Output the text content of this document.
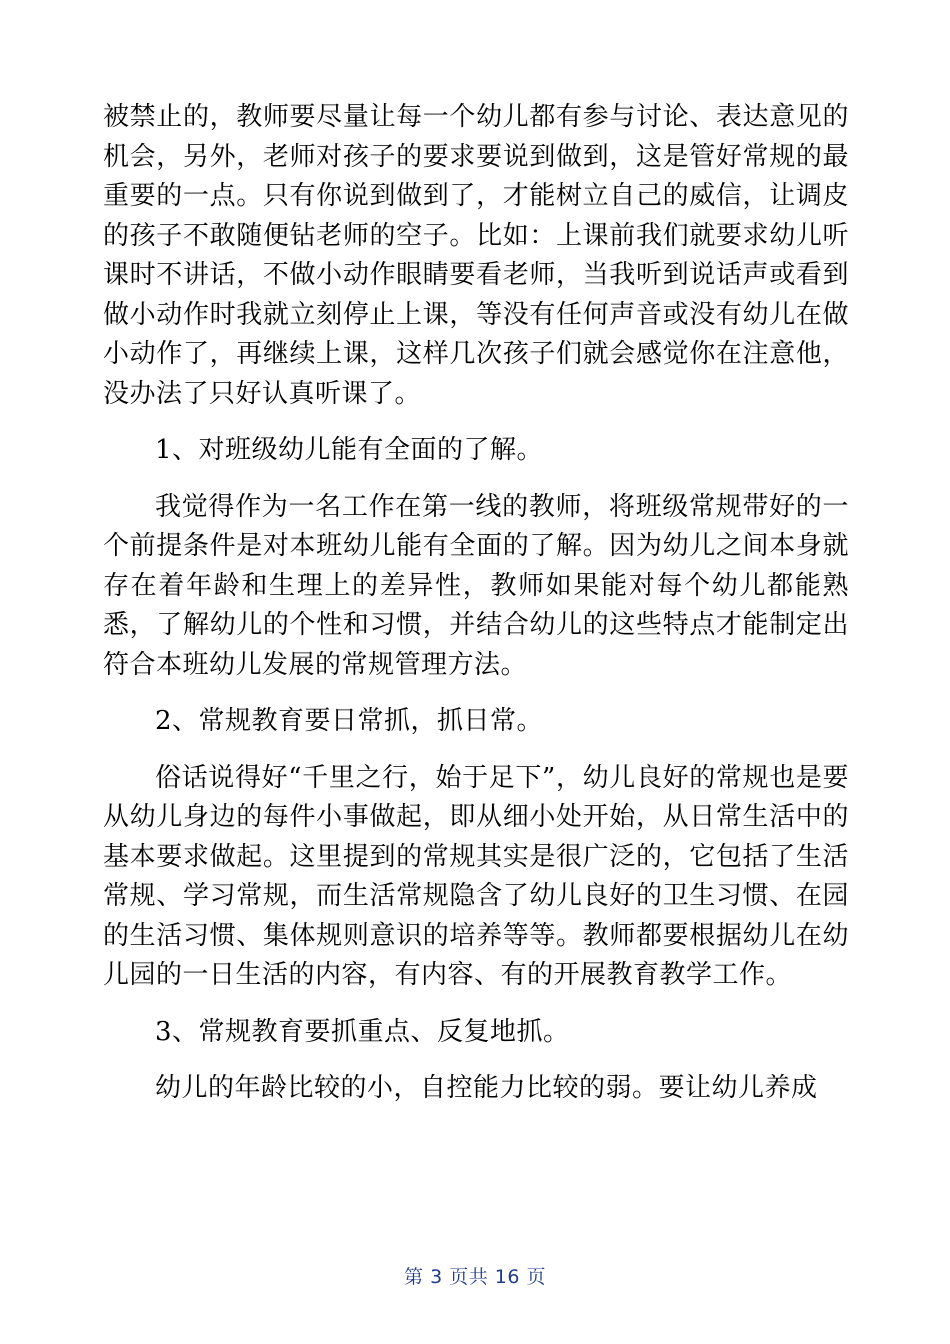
被禁止的，教师要尽量让每一个幼儿都有参与讨论、表达意见的机会，另外，老师对孩子的要求要说到做到，这是管好常规的最重要的一点。只有你说到做到了，才能树立自己的威信，让调皮的孩子不敢随便钻老师的空子。比如：上课前我们就要求幼儿听课时不讲话，不做小动作眼睛要看老师，当我听到说话声或看到做小动作时我就立刻停止上课，等没有任何声音或没有幼儿在做小动作了，再继续上课，这样几次孩子们就会感觉你在注意他，没办法了只好认真听课了。

1、对班级幼儿能有全面的了解。

我觉得作为一名工作在第一线的教师，将班级常规带好的一个前提条件是对本班幼儿能有全面的了解。因为幼儿之间本身就存在着年龄和生理上的差异性，教师如果能对每个幼儿都能熟悉，了解幼儿的个性和习惯，并结合幼儿的这些特点才能制定出符合本班幼儿发展的常规管理方法。

2、常规教育要日常抓，抓日常。

俗话说得好“千里之行，始于足下”，幼儿良好的常规也是要从幼儿身边的每件小事做起，即从细小处开始，从日常生活中的基本要求做起。这里提到的常规其实是很广泛的，它包括了生活常规、学习常规，而生活常规隐含了幼儿良好的卫生习惯、在园的生活习惯、集体规则意识的培养等等。教师都要根据幼儿在幼儿园的一日生活的内容，有内容、有的开展教育教学工作。

3、常规教育要抓重点、反复地抓。

幼儿的年龄比较的小，自控能力比较的弱。要让幼儿养成

第 3 页共 16 页
